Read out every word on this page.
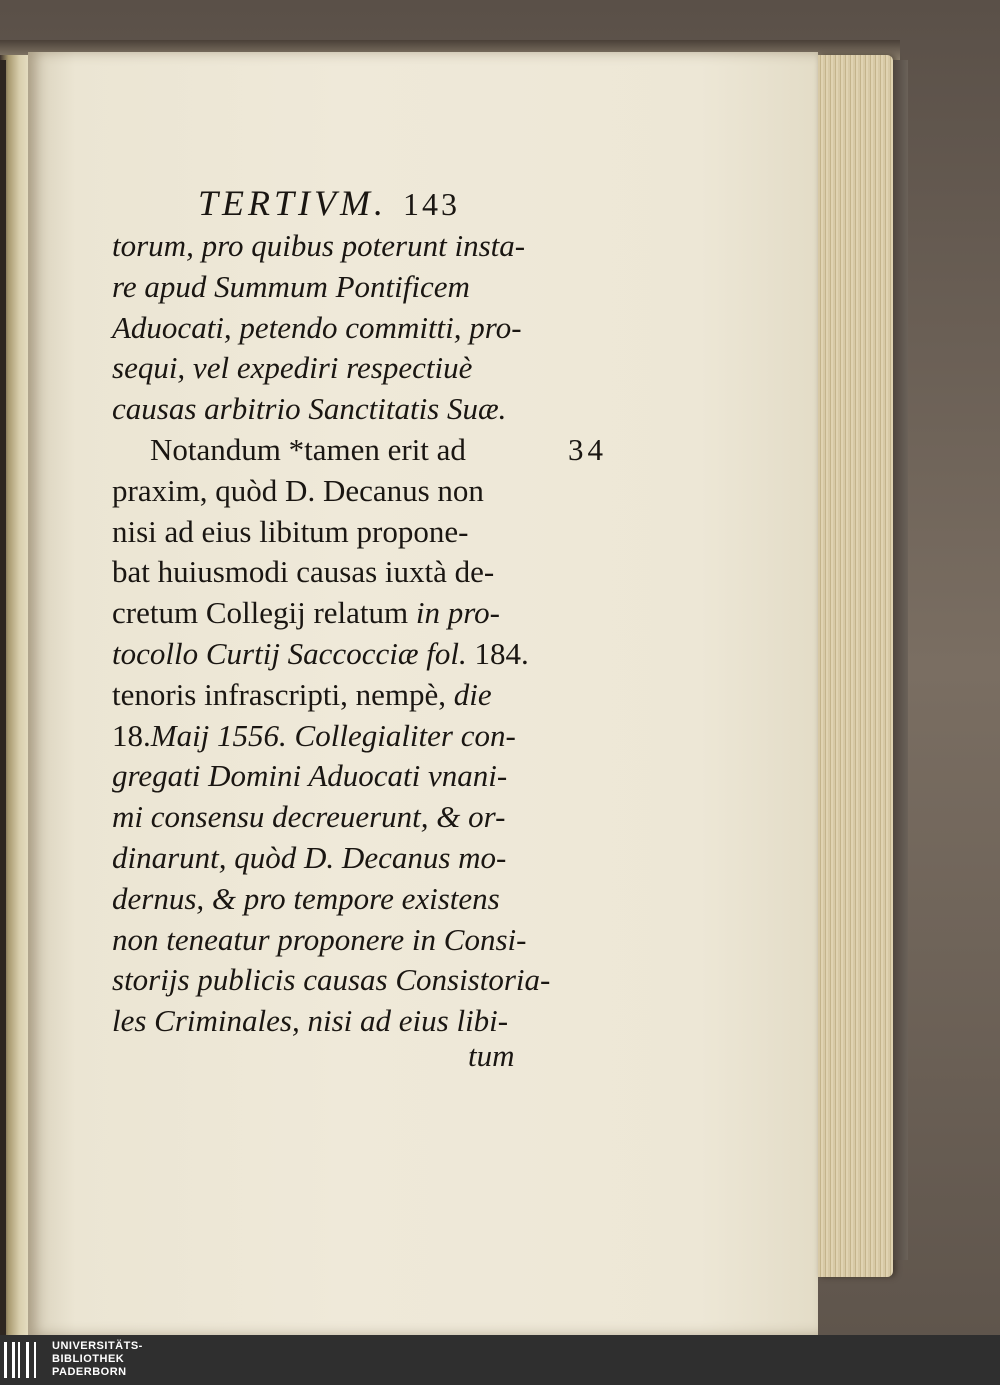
TERTIVM. 143
torum, pro quibus poterunt insta-
re apud Summum Pontificem
Aduocati, petendo committi, pro-
sequi, vel expediri respectiuè
causas arbitrio Sanctitatis Suæ.
Notandum *tamen erit ad
praxim, quòd D. Decanus non
nisi ad eius libitum propone-
bat huiusmodi causas iuxtà de-
cretum Collegij relatum in pro-
tocollo Curtij Saccocciæ fol. 184.
tenoris infrascripti, nempè, die
18.Maij 1556. Collegialiter con-
gregati Domini Aduocati vnani-
mi consensu decreuerunt, & or-
dinarunt, quòd D. Decanus mo-
dernus, & pro tempore existens
non teneatur proponere in Consi-
storijs publicis causas Consistoria-
les Criminales, nisi ad eius libi-
34
tum
UNIVERSITÄTS-
BIBLIOTHEK
PADERBORN
